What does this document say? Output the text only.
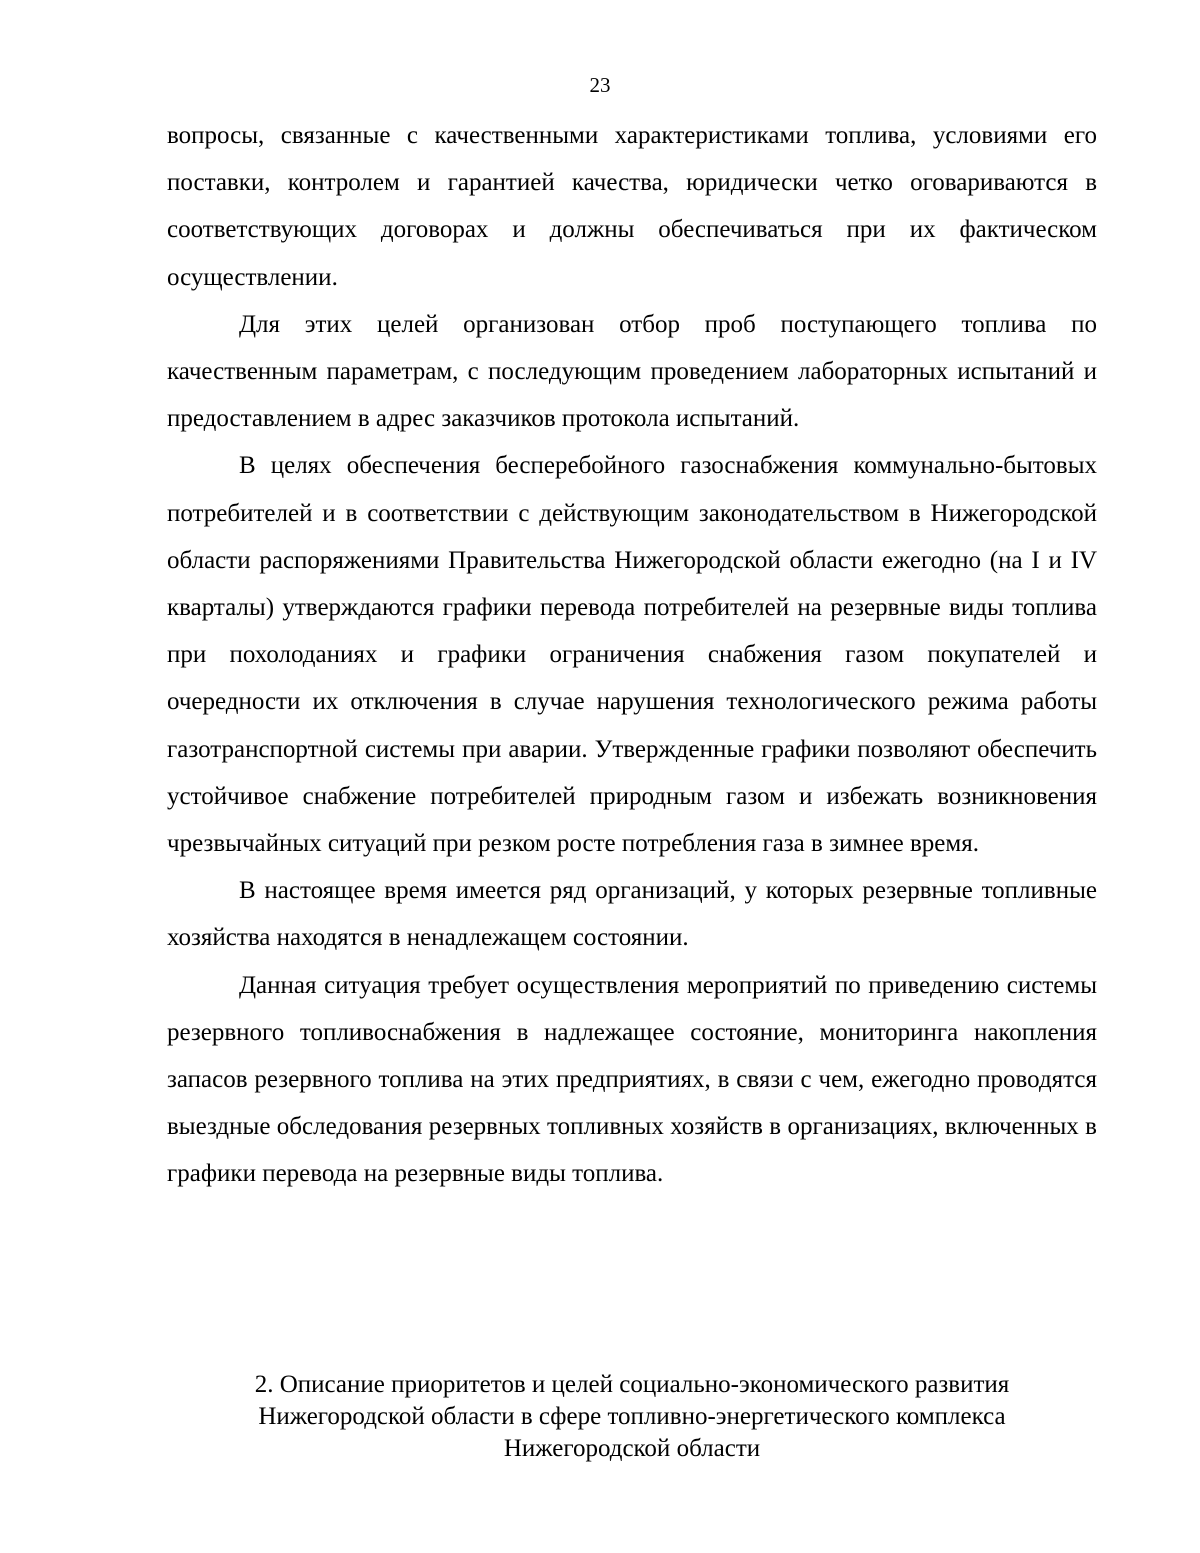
23

вопросы, связанные с качественными характеристиками топлива, условиями его поставки, контролем и гарантией качества, юридически четко оговариваются в соответствующих договорах и должны обеспечиваться при их фактическом осуществлении.

Для этих целей организован отбор проб поступающего топлива по качественным параметрам, с последующим проведением лабораторных испытаний и предоставлением в адрес заказчиков протокола испытаний.

В целях обеспечения бесперебойного газоснабжения коммунально-бытовых потребителей и в соответствии с действующим законодательством в Нижегородской области распоряжениями Правительства Нижегородской области ежегодно (на I и IV кварталы) утверждаются графики перевода потребителей на резервные виды топлива при похолоданиях и графики ограничения снабжения газом покупателей и очередности их отключения в случае нарушения технологического режима работы газотранспортной системы при аварии. Утвержденные графики позволяют обеспечить устойчивое снабжение потребителей природным газом и избежать возникновения чрезвычайных ситуаций при резком росте потребления газа в зимнее время.

В настоящее время имеется ряд организаций, у которых резервные топливные хозяйства находятся в ненадлежащем состоянии.

Данная ситуация требует осуществления мероприятий по приведению системы резервного топливоснабжения в надлежащее состояние, мониторинга накопления запасов резервного топлива на этих предприятиях, в связи с чем, ежегодно проводятся выездные обследования резервных топливных хозяйств в организациях, включенных в графики перевода на резервные виды топлива.

2. Описание приоритетов и целей социально-экономического развития
Нижегородской области в сфере топливно-энергетического комплекса
Нижегородской области
